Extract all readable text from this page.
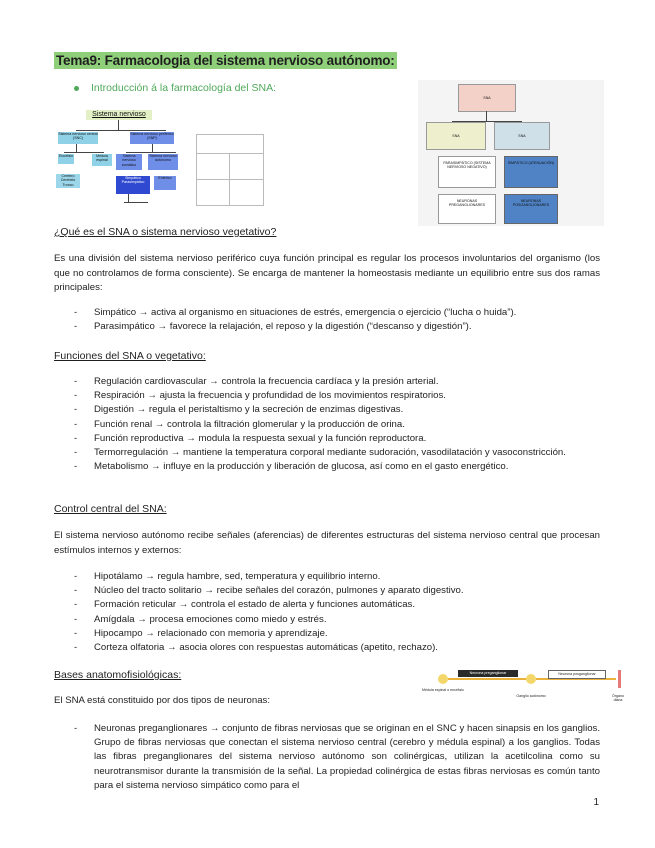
Tema9: Farmacologia del sistema nervioso autónomo:
Introducción á la farmacología del SNA:
Sistema nervioso
Sistema nervioso central (SNC)
Sistema nervioso periférico (SNP)
Encéfalo	Médula espinal
Sistema nervioso somático
Sistema nervioso autónomo
Cerebro Cerebelo Tronco
Simpático Parasimpático
Entérico
SNA
SNA	SNA
PARASIMPÁTICO (SISTEMA NERVIOSO NEGATIVO)
SIMPÁTICO (ATENUACIÓN)
NEURONAS PREGANGLIONARES
NEURONAS POSGANGLIONARES
¿Qué es el SNA o sistema nervioso vegetativo?
Es una división del sistema nervioso periférico cuya función principal es regular los procesos involuntarios del organismo (los que no controlamos de forma consciente). Se encarga de mantener la homeostasis mediante un equilibrio entre sus dos ramas principales:
- Simpático → activa al organismo en situaciones de estrés, emergencia o ejercicio (“lucha o huida”).
- Parasimpático → favorece la relajación, el reposo y la digestión (“descanso y digestión”).
Funciones del SNA o vegetativo:
- Regulación cardiovascular → controla la frecuencia cardíaca y la presión arterial.
- Respiración → ajusta la frecuencia y profundidad de los movimientos respiratorios.
- Digestión → regula el peristaltismo y la secreción de enzimas digestivas.
- Función renal → controla la filtración glomerular y la producción de orina.
- Función reproductiva → modula la respuesta sexual y la función reproductora.
- Termorregulación → mantiene la temperatura corporal mediante sudoración, vasodilatación y vasoconstricción.
- Metabolismo → influye en la producción y liberación de glucosa, así como en el gasto energético.
Control central del SNA:
El sistema nervioso autónomo recibe señales (aferencias) de diferentes estructuras del sistema nervioso central que procesan estímulos internos y externos:
- Hipotálamo → regula hambre, sed, temperatura y equilibrio interno.
- Núcleo del tracto solitario → recibe señales del corazón, pulmones y aparato digestivo.
- Formación reticular → controla el estado de alerta y funciones automáticas.
- Amígdala → procesa emociones como miedo y estrés.
- Hipocampo → relacionado con memoria y aprendizaje.
- Corteza olfatoria → asocia olores con respuestas automáticas (apetito, rechazo).
Bases anatomofisiológicas:
El SNA está constituido por dos tipos de neuronas:
Neurona preganglionar	Neurona posganglionar
Médula espinal o encéfalo
Ganglio autónomo	Órgano diana
- Neuronas preganglionares → conjunto de fibras nerviosas que se originan en el SNC y hacen sinapsis en los ganglios. Grupo de fibras nerviosas que conectan el sistema nervioso central (cerebro y médula espinal) a los ganglios. Todas las fibras preganglionares del sistema nervioso autónomo son colinérgicas, utilizan la acetilcolina como su neurotransmisor durante la transmisión de la señal. La propiedad colinérgica de estas fibras nerviosas es común tanto para el sistema nervioso simpático como para el
1
